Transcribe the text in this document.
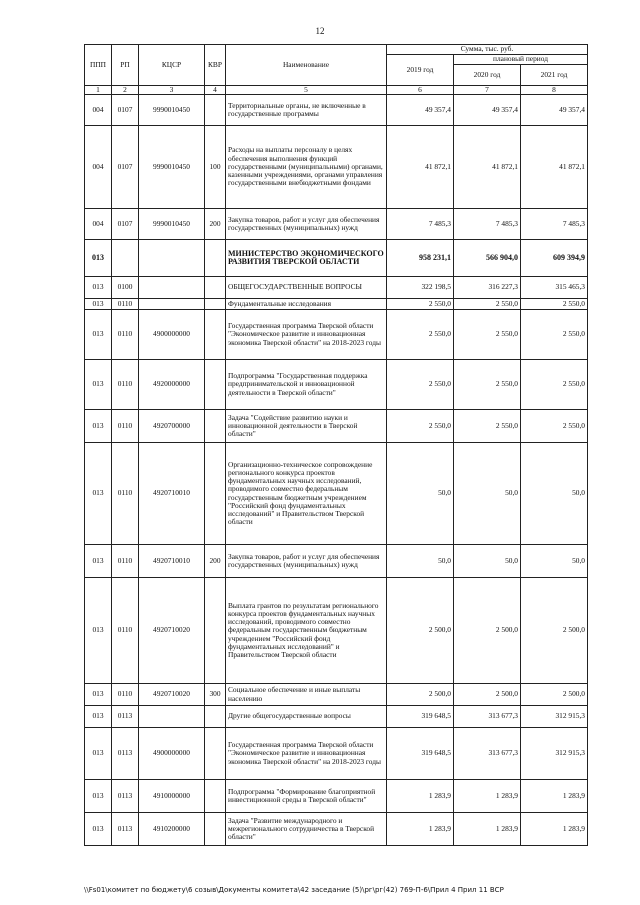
12
ППП	РП	КЦСР	КВР	Наименование	Сумма, тыс. руб.		
					2019 год	плановый период	
						2020 год	2021 год
1	2	3	4	5	6	7	8
004	0107	9990010450		Территориальные органы, не включенные в государственные программы	49 357,4	49 357,4	49 357,4
004	0107	9990010450	100	Расходы на выплаты персоналу в целях обеспечения выполнения функций государственными (муниципальными) органами, казенными учреждениями, органами управления государственными внебюджетными фондами	41 872,1	41 872,1	41 872,1
004	0107	9990010450	200	Закупка товаров, работ и услуг для обеспечения государственных (муниципальных) нужд	7 485,3	7 485,3	7 485,3
013				МИНИСТЕРСТВО ЭКОНОМИЧЕСКОГО РАЗВИТИЯ ТВЕРСКОЙ ОБЛАСТИ	958 231,1	566 904,0	609 394,9
013	0100			ОБЩЕГОСУДАРСТВЕННЫЕ ВОПРОСЫ	322 198,5	316 227,3	315 465,3
013	0110			Фундаментальные исследования	2 550,0	2 550,0	2 550,0
013	0110	4900000000		Государственная программа Тверской области "Экономическое развитие и инновационная экономика Тверской области" на 2018-2023 годы	2 550,0	2 550,0	2 550,0
013	0110	4920000000		Подпрограмма "Государственная поддержка предпринимательской и инновационной деятельности в Тверской области"	2 550,0	2 550,0	2 550,0
013	0110	4920700000		Задача "Содействие развитию науки и инновационной деятельности в Тверской области"	2 550,0	2 550,0	2 550,0
013	0110	4920710010		Организационно-техническое сопровождение регионального конкурса проектов фундаментальных научных исследований, проводимого совместно федеральным государственным бюджетным учреждением "Российский фонд фундаментальных исследований" и Правительством Тверской области	50,0	50,0	50,0
013	0110	4920710010	200	Закупка товаров, работ и услуг для обеспечения государственных (муниципальных) нужд	50,0	50,0	50,0
013	0110	4920710020		Выплата грантов по результатам регионального конкурса проектов фундаментальных научных исследований, проводимого совместно федеральным государственным бюджетным учреждением "Российский фонд фундаментальных исследований" и Правительством Тверской области	2 500,0	2 500,0	2 500,0
013	0110	4920710020	300	Социальное обеспечение и иные выплаты населению	2 500,0	2 500,0	2 500,0
013	0113			Другие общегосударственные вопросы	319 648,5	313 677,3	312 915,3
013	0113	4900000000		Государственная программа Тверской области "Экономическое развитие и инновационная экономика Тверской области" на 2018-2023 годы	319 648,5	313 677,3	312 915,3
013	0113	4910000000		Подпрограмма "Формирование благоприятной инвестиционной среды в Тверской области"	1 283,9	1 283,9	1 283,9
013	0113	4910200000		Задача "Развитие международного и межрегионального сотрудничества в Тверской области"	1 283,9	1 283,9	1 283,9
\\Fs01\комитет по бюджету\6 созыв\Документы комитета\42 заседание (5)\рг\рг(42) 769-П-6\Прил 4 Прил 11 ВСР
